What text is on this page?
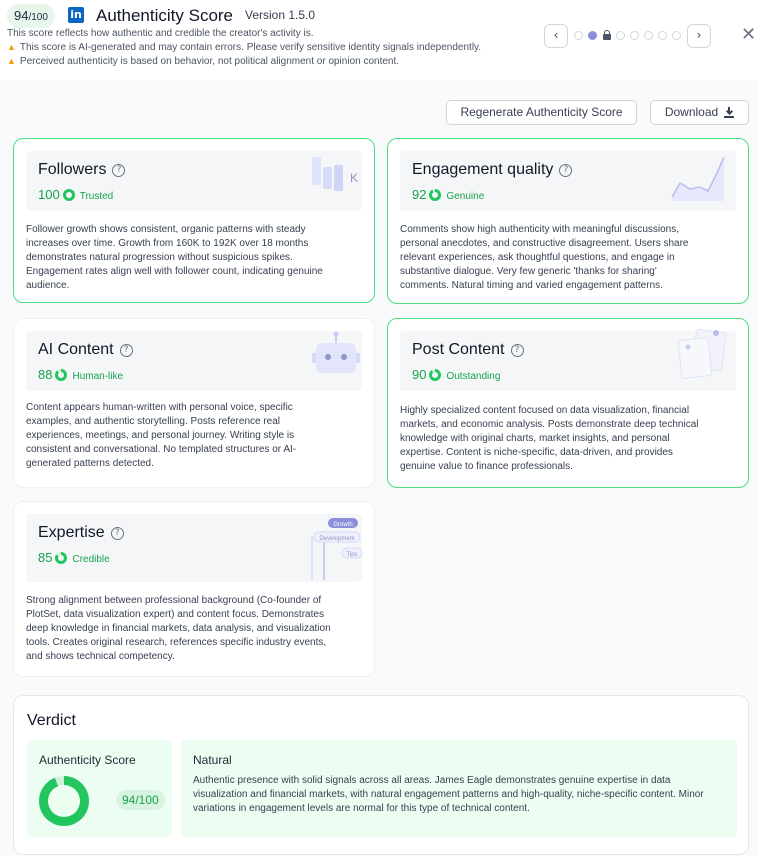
94/100	in Authenticity Score Version 1.5.0
This score reflects how authentic and credible the creator's activity is.
▲ This score is AI-generated and may contain errors. Please verify sensitive identity signals independently.
▲ Perceived authenticity is based on behavior, not political alignment or opinion content.
‹	›	✕
Regenerate Authenticity Score	Download
Followers ?
100 Trusted
K
Follower growth shows consistent, organic patterns with steady
increases over time. Growth from 160K to 192K over 18 months
demonstrates natural progression without suspicious spikes.
Engagement rates align well with follower count, indicating genuine
audience.
Engagement quality ?
92 Genuine
Comments show high authenticity with meaningful discussions,
personal anecdotes, and constructive disagreement. Users share
relevant experiences, ask thoughtful questions, and engage in
substantive dialogue. Very few generic 'thanks for sharing'
comments. Natural timing and varied engagement patterns.
AI Content ?
88 Human-like
Content appears human-written with personal voice, specific
examples, and authentic storytelling. Posts reference real
experiences, meetings, and personal journey. Writing style is
consistent and conversational. No templated structures or AI-
generated patterns detected.
Post Content ?
90 Outstanding
Highly specialized content focused on data visualization, financial
markets, and economic analysis. Posts demonstrate deep technical
knowledge with original charts, market insights, and personal
expertise. Content is niche-specific, data-driven, and provides
genuine value to finance professionals.
Expertise ?
85 Credible
Growth
Development
Tips
Strong alignment between professional background (Co-founder of
PlotSet, data visualization expert) and content focus. Demonstrates
deep knowledge in financial markets, data analysis, and visualization
tools. Creates original research, references specific industry events,
and shows technical competency.
Verdict
Authenticity Score
94/100
Natural
Authentic presence with solid signals across all areas. James Eagle demonstrates genuine expertise in data visualization and financial markets, with natural engagement patterns and high-quality, niche-specific content. Minor variations in engagement levels are normal for this type of technical content.
